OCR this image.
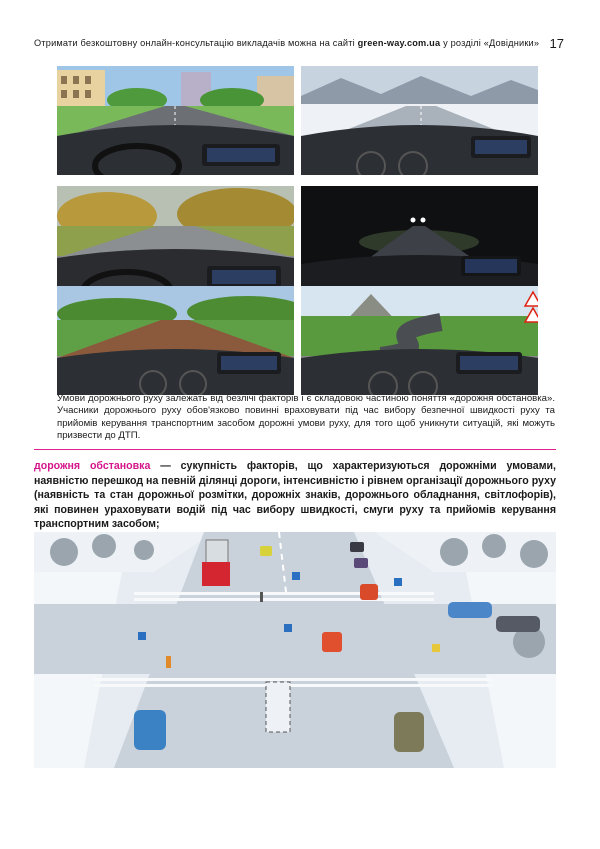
Отримати безкоштовну онлайн-консультацію викладачів можна на сайті green-way.com.ua у розділі «Довідники» 17
Умови дорожнього руху залежать від безлічі факторів і є складовою частиною поняття «дорожня обстановка». Учасники дорожнього руху обов'язково повинні враховувати під час вибору безпечної швидкості руху та прийомів керування транспортним засобом дорожні умови руху, для того щоб уникнути ситуацій, які можуть призвести до ДТП.
дорожня обстановка — сукупність факторів, що характеризуються дорожніми умовами, наявністю перешкод на певній ділянці дороги, інтенсивністю і рівнем організації дорожнього руху (наявність та стан дорожньої розмітки, дорожніх знаків, дорожнього обладнання, світлофорів), які повинен ураховувати водій під час вибору швидкості, смуги руху та прийомів керування транспортним засобом;
